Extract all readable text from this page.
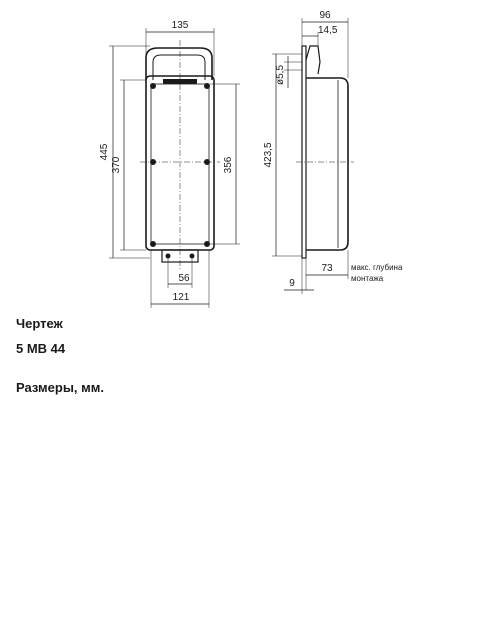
135
445
370	356
56
121
96
14,5
ø5,5
423,5
73
9
макс. глубина
монтажа
Чертеж
5 МВ 44
Размеры, мм.
